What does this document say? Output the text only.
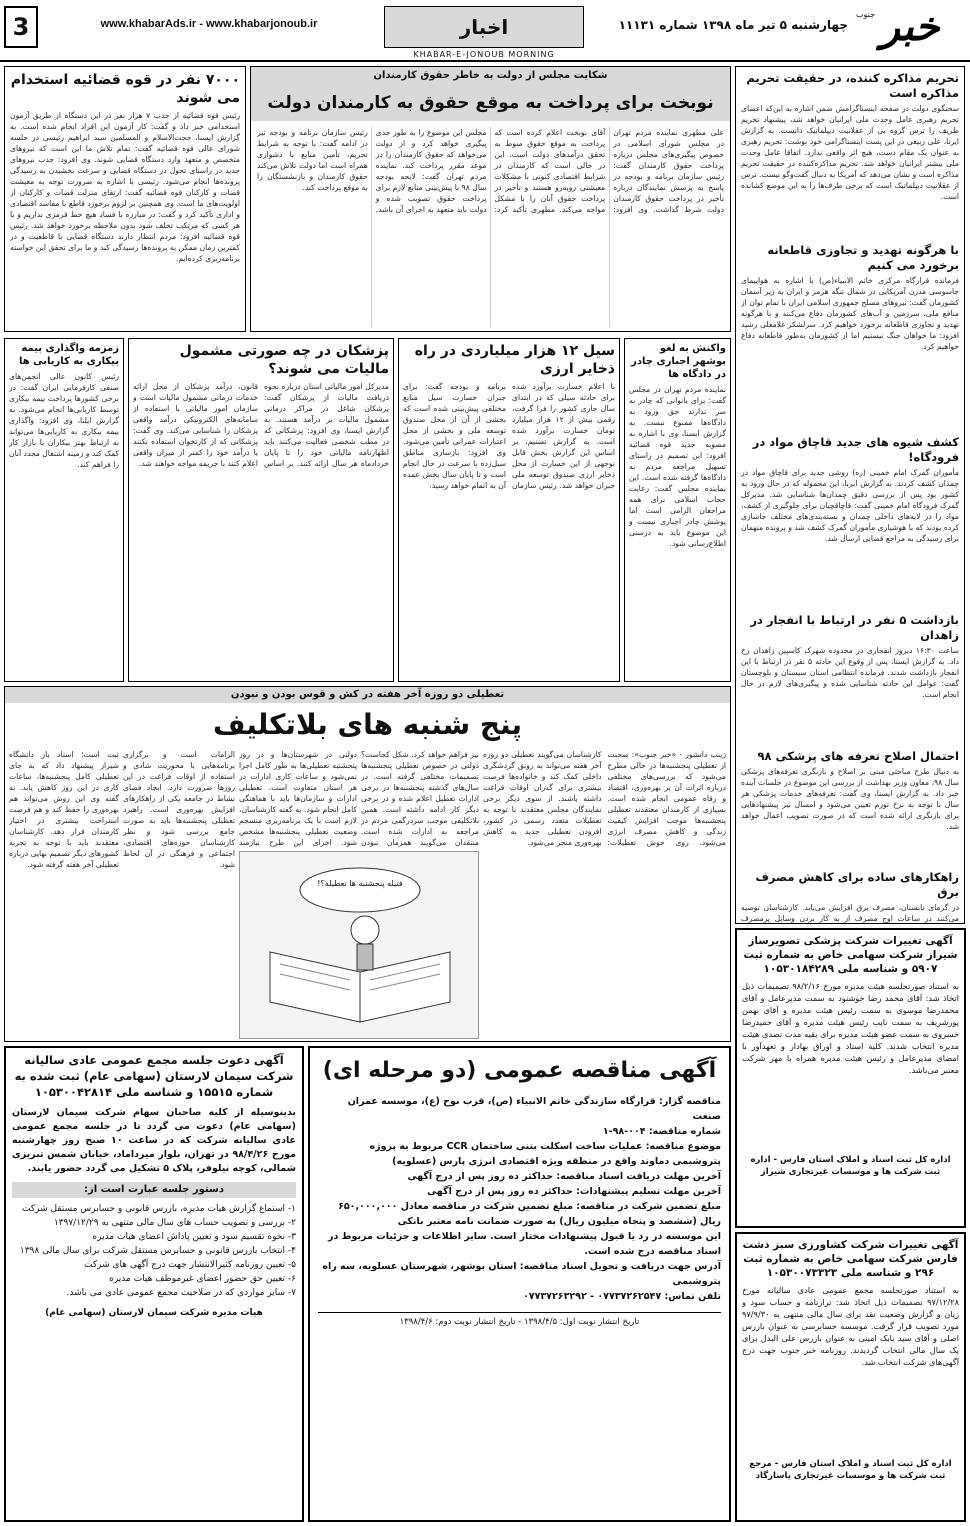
خبر
جنوب
چهارشنبه ۵ تیر ماه ۱۳۹۸ شماره ۱۱۱۳۱
اخبار
www.khabarAds.ir - www.khabarjonoub.ir
3
KHABAR-E-JONOUB MORNING
تحریم مذاکره کننده، در حقیقت تحریم مذاکره است

سخنگوی دولت در صفحه اینستاگرامش ضمن اشاره به این‌که اعضای تحریم رهبری عامل وحدت ملی ایرانیان خواهد شد، پیشنهاد تحریم ظریف را ترس گروه بی از عقلانیت دیپلماتیک دانست. به گزارش ایرنا، علی ربیعی در این پست اینستاگرامی خود نوشت: تحریم رهبری به عنوان یک مقام دست، هیچ اثر واقعی ندارد. اتفاقا عامل وحدت ملی بیشتر ایرانیان خواهد شد. تحریم مذاکره‌کننده در حقیقت تحریم مذاکره است و نشان می‌دهد که آمریکا به دنبال گفت‌وگو نیست. ترس از عقلانیت دیپلماتیک است که برخی طرف‌ها را به این موضع کشانده است.

با هرگونه تهدید و تجاوزی قاطعانه برخورد می کنیم

فرمانده قرارگاه مرکزی خاتم الانبیاء(ص) با اشاره به هواپیمای جاسوسی مدرن آمریکایی در شمال تنگه هرمز و ایران به زیر آسمان کشورمان گفت: نیروهای مسلح جمهوری اسلامی ایران با تمام توان از منافع ملی، سرزمین و آب‌های کشورمان دفاع می‌کنند و با هرگونه تهدید و تجاوزی قاطعانه برخورد خواهیم کرد. سرلشکر غلامعلی رشید افزود: ما خواهان جنگ نیستیم اما از کشورمان به‌طور قاطعانه دفاع خواهیم کرد.

کشف شیوه های جدید قاچاق مواد در فرودگاه!

مأموران گمرک امام خمینی (ره) روشی جدید برای قاچاق مواد در چمدان کشف کردند. به گزارش ایرنا، این محموله که در حال ورود به کشور بود پس از بررسی دقیق چمدان‌ها شناسایی شد. مدیرکل گمرک فرودگاه امام خمینی گفت: قاچاقچیان برای جلوگیری از کشف، مواد را در لایه‌های داخلی چمدان و بسته‌بندی‌های مختلف جاسازی کرده بودند که با هوشیاری مأموران گمرک کشف شد و پرونده متهمان برای رسیدگی به مراجع قضایی ارسال شد.

بازداشت ۵ نفر در ارتباط با انفجار در زاهدان

ساعت ۱۶:۳۰ دیروز انفجاری در محدوده شهرک کاسپین زاهدان رخ داد. به گزارش ایسنا، پس از وقوع این حادثه ۵ نفر در ارتباط با این انفجار بازداشت شدند. فرمانده انتظامی استان سیستان و بلوچستان گفت: عوامل این حادثه شناسایی شده و پیگیری‌های لازم در حال انجام است.

احتمال اصلاح تعرفه های پزشکی ۹۸

به دنبال طرح مباحثی مبنی بر اصلاح و بازنگری تعرفه‌های پزشکی سال ۹۸، معاون وزیر بهداشت از بررسی این موضوع در جلسات آینده خبر داد. به گزارش ایسنا، وی گفت: تعرفه‌های خدمات پزشکی هر سال با توجه به نرخ تورم تعیین می‌شود و امسال نیز پیشنهادهایی برای بازنگری ارائه شده است که در صورت تصویب اعمال خواهد شد.

راهکارهای ساده برای کاهش مصرف برق

در گرمای تابستان، مصرف برق افزایش می‌یابد. کارشناسان توصیه می‌کنند در ساعات اوج مصرف از به کار بردن وسایل پرمصرف

شکایت مجلس از دولت به خاطر حقوق کارمندان
نوبخت برای پرداخت به موقع حقوق به کارمندان دولت

علی مطهری نماینده مردم تهران در مجلس شورای اسلامی در خصوص پیگیری‌های مجلس درباره پرداخت حقوق کارمندان گفت: رئیس سازمان برنامه و بودجه در پاسخ به پرسش نمایندگان درباره تأخیر در پرداخت حقوق کارمندان دولت شرط گذاشت. وی افزود: آقای نوبخت اعلام کرده است که پرداخت به موقع حقوق منوط به تحقق درآمدهای دولت است. این در حالی است که کارمندان در شرایط اقتصادی کنونی با مشکلات معیشتی روبه‌رو هستند و تأخیر در پرداخت حقوق آنان را با مشکل مواجه می‌کند. مطهری تأکید کرد: مجلس این موضوع را به طور جدی پیگیری خواهد کرد و از دولت می‌خواهد که حقوق کارمندان را در موعد مقرر پرداخت کند. نماینده مردم تهران گفت: لایحه بودجه سال ۹۸ با پیش‌بینی منابع لازم برای پرداخت حقوق تصویب شده و دولت باید متعهد به اجرای آن باشد. رئیس سازمان برنامه و بودجه نیز در ادامه گفت: با توجه به شرایط تحریم، تأمین منابع با دشواری همراه است اما دولت تلاش می‌کند حقوق کارمندان و بازنشستگان را به موقع پرداخت کند.

۷۰۰۰ نفر در قوه قضائیه استخدام می شوند

رئیس قوه قضائیه از جذب ۷ هزار نفر در این دستگاه از طریق آزمون استخدامی خبر داد و گفت: کار آزمون این افراد انجام شده است. به گزارش ایسنا، حجت‌الاسلام و المسلمین سید ابراهیم رئیسی در جلسه شورای عالی قوه قضائیه گفت: تمام تلاش ما این است که نیروهای متخصص و متعهد وارد دستگاه قضایی شوند. وی افزود: جذب نیروهای جدید در راستای تحول در دستگاه قضایی و سرعت بخشیدن به رسیدگی پرونده‌ها انجام می‌شود. رئیسی با اشاره به ضرورت توجه به معیشت قضات و کارکنان قوه قضائیه گفت: ارتقای منزلت قضات و کارکنان از اولویت‌های ما است. وی همچنین بر لزوم برخورد قاطع با مفاسد اقتصادی و اداری تأکید کرد و گفت: در مبارزه با فساد هیچ خط قرمزی نداریم و با هر کسی که مرتکب تخلف شود بدون ملاحظه برخورد خواهد شد. رئیس قوه قضائیه افزود: مردم انتظار دارند دستگاه قضایی با قاطعیت و در کمترین زمان ممکن به پرونده‌ها رسیدگی کند و ما برای تحقق این خواسته برنامه‌ریزی کرده‌ایم.

واکنش به لغو بوشهر اجباری چادر در دادگاه ها

نماینده مردم تهران در مجلس گفت: برای بانوانی که چادر به سر ندارند حق ورود به دادگاه‌ها ممنوع نیست. به گزارش ایسنا، وی با اشاره به مصوبه جدید قوه قضائیه افزود: این تصمیم در راستای تسهیل مراجعه مردم به دادگاه‌ها گرفته شده است. این نماینده مجلس گفت: رعایت حجاب اسلامی برای همه مراجعان الزامی است اما پوشش چادر اجباری نیست و این موضوع باید به درستی اطلاع‌رسانی شود.

سیل ۱۲ هزار میلیاردی در راه ذخایر ارزی

با اعلام خسارت برآورد شده برای حادثه سیلی که در ابتدای سال جاری کشور را فرا گرفت، رقمی بیش از ۱۲ هزار میلیارد تومان خسارت برآورد شده است. به گزارش تسنیم، بر اساس این گزارش بخش قابل توجهی از این خسارت از محل ذخایر ارزی صندوق توسعه ملی جبران خواهد شد. رئیس سازمان برنامه و بودجه گفت: برای جبران خسارت سیل منابع مختلفی پیش‌بینی شده است که بخشی از آن از محل صندوق توسعه ملی و بخشی از محل اعتبارات عمرانی تأمین می‌شود. وی افزود: بازسازی مناطق سیل‌زده با سرعت در حال انجام است و تا پایان سال بخش عمده آن به اتمام خواهد رسید.

پزشکان در چه صورتی مشمول مالیات می شوند؟

مدیرکل امور مالیاتی استان درباره نحوه دریافت مالیات از پزشکان گفت: پزشکان شاغل در مراکز درمانی مشمول مالیات بر درآمد هستند. به گزارش ایسنا، وی افزود: پزشکانی که در مطب شخصی فعالیت می‌کنند باید اظهارنامه مالیاتی خود را تا پایان خردادماه هر سال ارائه کنند. بر اساس قانون، درآمد پزشکان از محل ارائه خدمات درمانی مشمول مالیات است و سازمان امور مالیاتی با استفاده از سامانه‌های الکترونیکی درآمد واقعی پزشکان را شناسایی می‌کند. وی گفت: پزشکانی که از کارتخوان استفاده نکنند یا درآمد خود را کمتر از میزان واقعی اعلام کنند با جریمه مواجه خواهند شد.

زمزمه واگذاری بیمه بیکاری به کاریابی ها

رئیس کانون عالی انجمن‌های صنفی کارفرمایی ایران گفت: در برخی کشورها پرداخت بیمه بیکاری توسط کاریابی‌ها انجام می‌شود. به گزارش ایلنا، وی افزود: واگذاری بیمه بیکاری به کاریابی‌ها می‌تواند به ارتباط بهتر بیکاران با بازار کار کمک کند و زمینه اشتغال مجدد آنان را فراهم کند.

تعطیلی دو روزه آخر هفته در کش و قوس بودن و نبودن
پنج شنبه های بلاتکلیف

زینب دانشور - «خبر جنوب»: صحبت از تعطیلی پنجشنبه‌ها در حالی مطرح می‌شود که بررسی‌های مختلفی درباره اثرات آن بر بهره‌وری، اقتصاد و رفاه عمومی انجام شده است. بسیاری از کارمندان معتقدند تعطیلی پنجشنبه‌ها موجب افزایش کیفیت زندگی و کاهش مصرف انرژی می‌شود. روی خوش تعطیلات: کارشناسان می‌گویند تعطیلی دو روزه آخر هفته می‌تواند به رونق گردشگری داخلی کمک کند و خانواده‌ها فرصت بیشتری برای گذران اوقات فراغت داشته باشند. از سوی دیگر برخی نمایندگان مجلس معتقدند با توجه به تعطیلات متعدد رسمی در کشور، افزودن تعطیلی جدید به کاهش بهره‌وری منجر می‌شود.

نیز فراهم خواهد کرد. شکل کجاست؟ دولتی در خصوص تعطیلی پنجشنبه‌ها تصمیمات مختلفی گرفته است. در سال‌های گذشته پنجشنبه‌ها در برخی ادارات تعطیل اعلام شده و در برخی دیگر کار ادامه داشته است. همین بلاتکلیفی موجب سردرگمی مردم در مراجعه به ادارات شده است. منتقدان می‌گویند همزمان نبودن

دولتی در شهرستان‌ها و در روز پنجشنبه تعطیلی‌ها به طور کامل اجرا نمی‌شود و ساعات کاری ادارات در هر استان متفاوت است. تعطیلی ادارات و سازمان‌ها باید با هماهنگی کامل انجام شود. به گفته کارشناسان، لازم است با یک برنامه‌ریزی منسجم وضعیت تعطیلی پنجشنبه‌ها مشخص شود. اجرای این طرح نیازمند

فتیله پنجشنبه ها تعطیله؟!

الزامات است و برگزاری برنامه‌هایی با محوریت شادی و استفاده از اوقات فراغت در این روزها ضرورت دارد. ایجاد فضای نشاط در جامعه یکی از راهکارهای افزایش بهره‌وری است. راهبرد تعطیلی پنجشنبه‌ها باید به صورت جامع بررسی شود و نظر کارشناسان حوزه‌های اقتصادی، اجتماعی و فرهنگی در آن لحاظ شود.

ثبت است؛ استاد یار دانشگاه شیراز پیشنهاد داد که به جای تعطیلی کامل پنجشنبه‌ها، ساعات کاری در این روز کاهش یابد. به گفته وی این روش می‌تواند هم بهره‌وری را حفظ کند و هم فرصت استراحت بیشتری در اختیار کارمندان قرار دهد. کارشناسان معتقدند باید با توجه به تجربه کشورهای دیگر تصمیم نهایی درباره تعطیلی آخر هفته گرفته شود.

آگهی دعوت جلسه مجمع عمومی عادی سالیانه شرکت سیمان لارستان (سهامی عام) ثبت شده به شماره ۱۵۵۱۵ و شناسه ملی ۱۰۵۳۰۰۴۲۸۱۴

بدینوسیله از کلیه صاحبان سهام شرکت سیمان لارستان (سهامی عام) دعوت می گردد تا در جلسه مجمع عمومی عادی سالیانه شرکت که در ساعت ۱۰ صبح روز چهارشنبه مورخ ۹۸/۴/۲۶ در تهران، بلوار میرداماد، خیابان شمس تبریزی شمالی، کوچه نیلوفر، پلاک ۵ تشکیل می گردد حضور یابند.

دستور جلسه عبارت است از:

۱- استماع گزارش هیات مدیره، بازرس قانونی و حسابرس مستقل شرکت
۲- بررسی و تصویب حساب های سال مالی منتهی به ۱۳۹۷/۱۲/۲۹
۳- نحوه تقسیم سود و تعیین پاداش اعضای هیات مدیره
۴- انتخاب بازرس قانونی و حسابرس مستقل شرکت برای سال مالی ۱۳۹۸
۵- تعیین روزنامه کثیرالانتشار جهت درج آگهی های شرکت
۶- تعیین حق حضور اعضای غیرموظف هیات مدیره
۷- سایر مواردی که در صلاحیت مجمع عمومی عادی می باشد.

هیات مدیره شرکت سیمان لارستان (سهامی عام)
آگهی مناقصه عمومی (دو مرحله ای)

مناقصه گزار: قرارگاه سازندگی خاتم الانبیاء (ص)، قرب نوح (ع)، موسسه عمران صنعت
شماره مناقصه: ۰۰۴-۹۸-۱
موضوع مناقصه: عملیات ساخت اسکلت بتنی ساختمان CCR مربوط به پروژه پتروشیمی دماوند واقع در منطقه ویژه اقتصادی انرژی پارس (عسلویه)
آخرین مهلت دریافت اسناد مناقصه: حداکثر ده روز پس از درج آگهی
آخرین مهلت تسلیم پیشنهادات: حداکثر ده روز پس از درج آگهی
مبلغ تضمین شرکت در مناقصه: مبلغ تضمین شرکت در مناقصه معادل ۶۵۰,۰۰۰,۰۰۰ ریال (ششصد و پنجاه میلیون ریال) به صورت ضمانت نامه معتبر بانکی
این موسسه در رد یا قبول پیشنهادات مختار است. سایر اطلاعات و جزئیات مربوط در اسناد مناقصه درج شده است.
آدرس جهت دریافت و تحویل اسناد مناقصه: استان بوشهر، شهرستان عسلویه، سه راه پتروشیمی
تلفن تماس: ۰۷۷۳۷۲۶۲۵۴۷ - ۰۷۷۳۷۲۶۳۲۹۲

تاریخ انتشار نوبت اول: ۱۳۹۸/۴/۵ - تاریخ انتشار نوبت دوم: ۱۳۹۸/۴/۶
آگهی تغییرات شرکت پزشکی تصویرساز شیراز شرکت سهامی خاص به شماره ثبت ۵۹۰۷ و شناسه ملی ۱۰۵۳۰۱۸۴۲۸۹

به استناد صورتجلسه هیئت مدیره مورخ ۹۸/۲/۱۶ تصمیمات ذیل اتخاذ شد: آقای محمد رضا خوشنود به سمت مدیرعامل و آقای محمدرضا موسوی به سمت رئیس هیئت مدیره و آقای بهمن پورشریف به سمت نایب رئیس هیئت مدیره و آقای حمیدرضا خسروی به سمت عضو هیئت مدیره برای بقیه مدت تصدی هیئت مدیره انتخاب شدند. کلیه اسناد و اوراق بهادار و تعهدآور با امضای مدیرعامل و رئیس هیئت مدیره همراه با مهر شرکت معتبر می‌باشد.

اداره کل ثبت اسناد و املاک استان فارس - اداره ثبت شرکت ها و موسسات غیرتجاری شیراز
آگهی تغییرات شرکت کشاورزی سبز دشت فارس شرکت سهامی خاص به شماره ثبت ۲۹۶ و شناسه ملی ۱۰۵۳۰۰۷۳۳۲۳

به استناد صورتجلسه مجمع عمومی عادی سالیانه مورخ ۹۷/۱۲/۲۸ تصمیمات ذیل اتخاذ شد: ترازنامه و حساب سود و زیان و گزارش وضعیت نقد برای سال مالی منتهی به ۹۷/۹/۳۰ مورد تصویب قرار گرفت. موسسه حسابرسی به عنوان بازرس اصلی و آقای سید بابک امینی به عنوان بازرس علی البدل برای یک سال مالی انتخاب گردیدند. روزنامه خبر جنوب جهت درج آگهی‌های شرکت انتخاب شد.

اداره کل ثبت اسناد و املاک استان فارس - مرجع ثبت شرکت ها و موسسات غیرتجاری یاسارگاد
